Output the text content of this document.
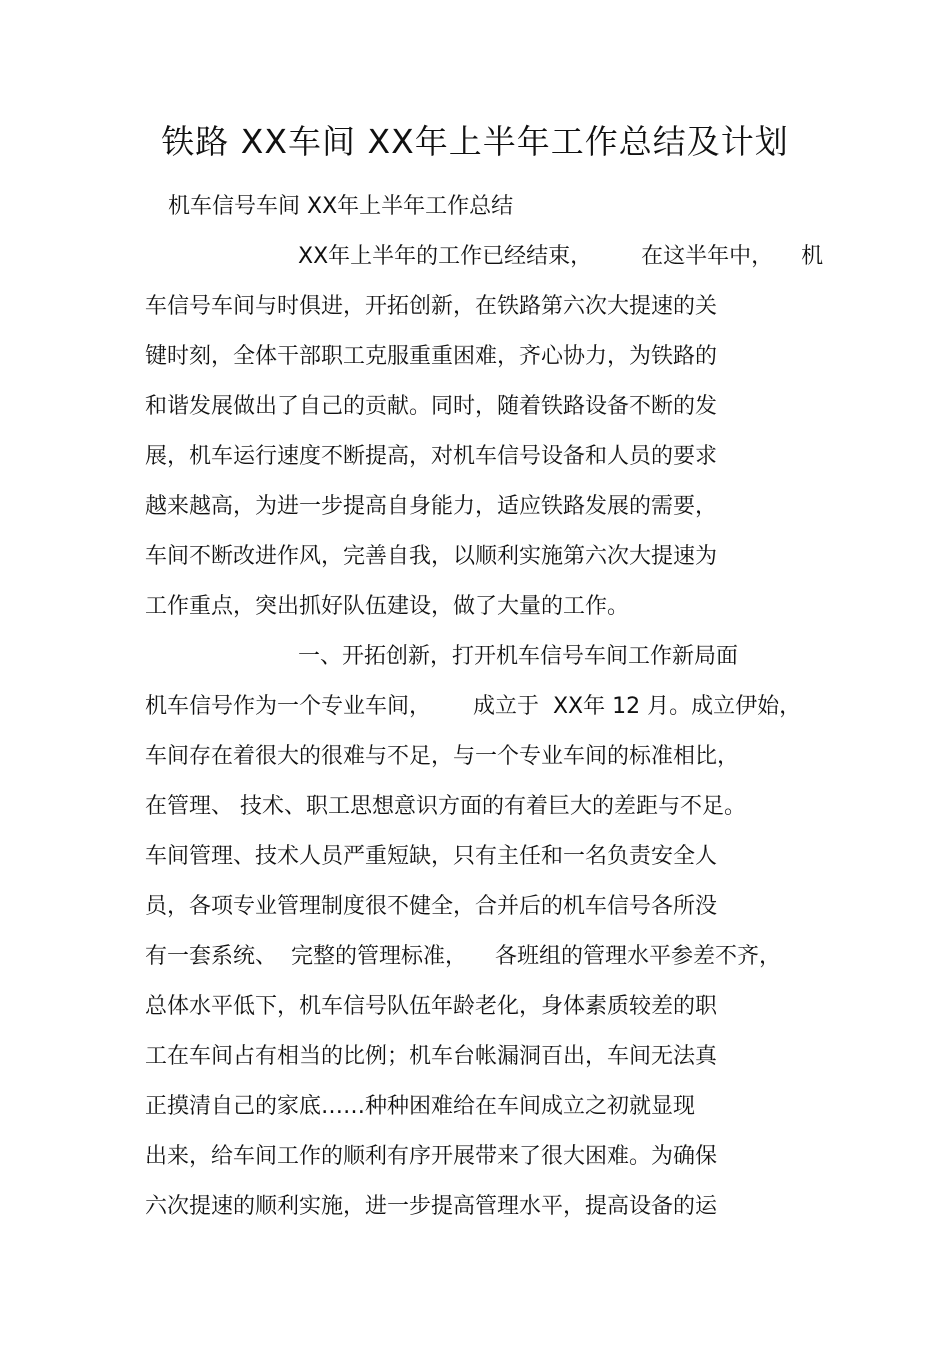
铁路 XX车间 XX年上半年工作总结及计划
机车信号车间 XX年上半年工作总结
XX年上半年的工作已经结束，       在这半年中，    机
车信号车间与时俱进，开拓创新，在铁路第六次大提速的关
键时刻，全体干部职工克服重重困难，齐心协力，为铁路的
和谐发展做出了自己的贡献。同时，随着铁路设备不断的发
展，机车运行速度不断提高，对机车信号设备和人员的要求
越来越高，为进一步提高自身能力，适应铁路发展的需要，
车间不断改进作风，完善自我，以顺利实施第六次大提速为
工作重点，突出抓好队伍建设，做了大量的工作。
一、开拓创新，打开机车信号车间工作新局面
机车信号作为一个专业车间，      成立于  XX年 12 月。成立伊始，
车间存在着很大的很难与不足，与一个专业车间的标准相比，
在管理、 技术、职工思想意识方面的有着巨大的差距与不足。
车间管理、技术人员严重短缺，只有主任和一名负责安全人
员，各项专业管理制度很不健全，合并后的机车信号各所没
有一套系统、  完整的管理标准，    各班组的管理水平参差不齐，
总体水平低下，机车信号队伍年龄老化，身体素质较差的职
工在车间占有相当的比例；机车台帐漏洞百出，车间无法真
正摸清自己的家底……种种困难给在车间成立之初就显现
出来，给车间工作的顺利有序开展带来了很大困难。为确保
六次提速的顺利实施，进一步提高管理水平，提高设备的运
